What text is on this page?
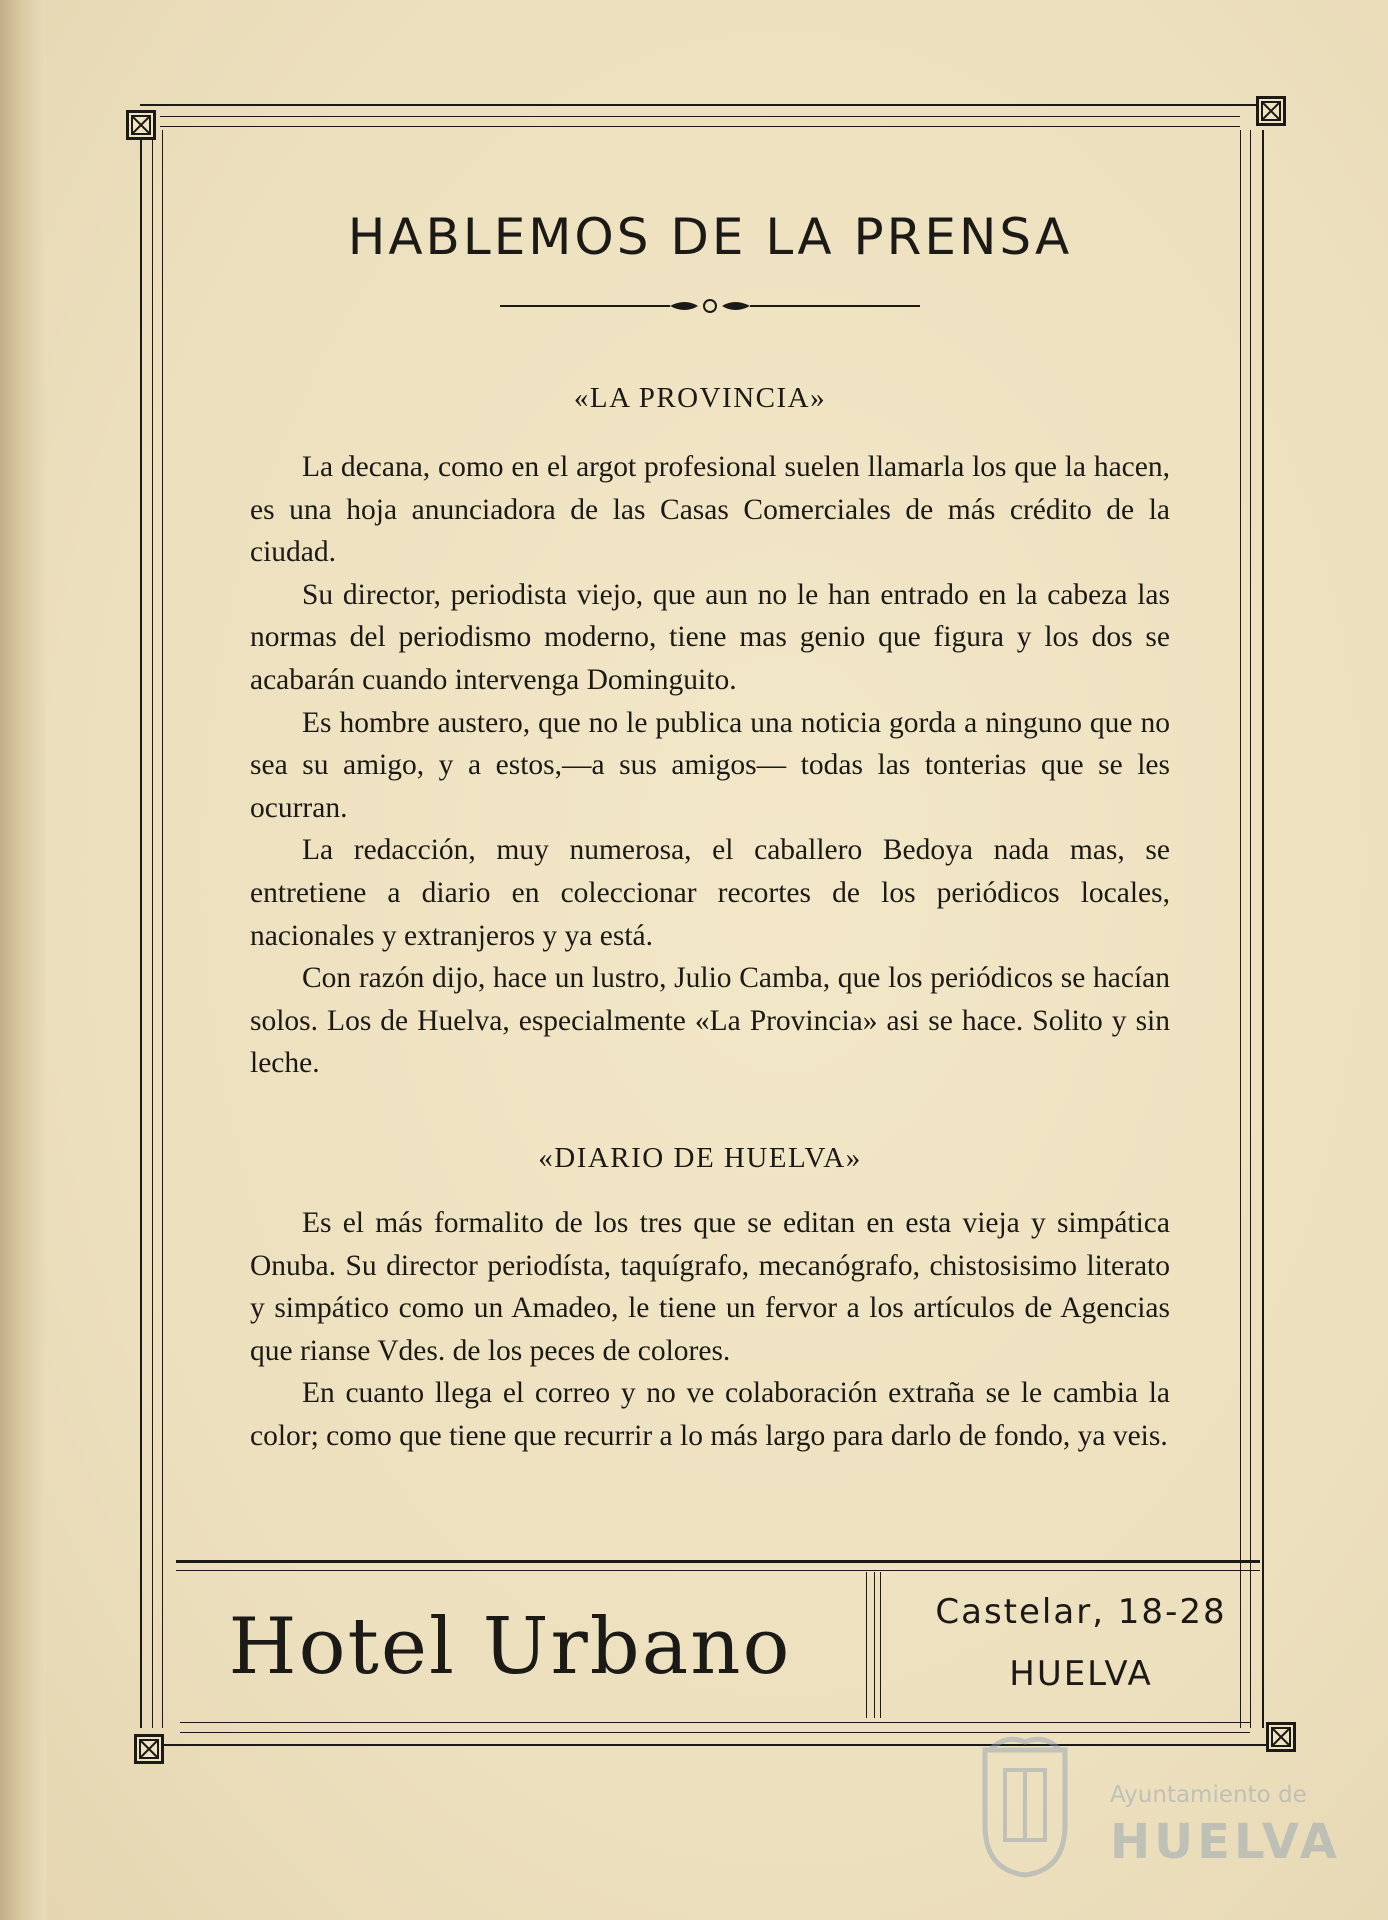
HABLEMOS DE LA PRENSA
«LA PROVINCIA»

La decana, como en el argot profesional suelen llamarla los que la hacen, es una hoja anunciadora de las Casas Comerciales de más crédito de la ciudad.

Su director, periodista viejo, que aun no le han entrado en la cabeza las normas del periodismo moderno, tiene mas genio que figura y los dos se acabarán cuando intervenga Dominguito.

Es hombre austero, que no le publica una noticia gorda a ninguno que no sea su amigo, y a estos,—a sus amigos— todas las tonterias que se les ocurran.

La redacción, muy numerosa, el caballero Bedoya nada mas, se entretiene a diario en coleccionar recortes de los periódicos locales, nacionales y extranjeros y ya está.

Con razón dijo, hace un lustro, Julio Camba, que los periódicos se hacían solos. Los de Huelva, especialmente «La Provincia» asi se hace. Solito y sin leche.

«DIARIO DE HUELVA»

Es el más formalito de los tres que se editan en esta vieja y simpática Onuba. Su director periodísta, taquígrafo, mecanógrafo, chistosisimo literato y simpático como un Amadeo, le tiene un fervor a los artículos de Agencias que rianse Vdes. de los peces de colores.

En cuanto llega el correo y no ve colaboración extraña se le cambia la color; como que tiene que recurrir a lo más largo para darlo de fondo, ya veis.

Hotel Urbano	Castelar, 18-28
HUELVA
Ayuntamiento de
HUELVA
